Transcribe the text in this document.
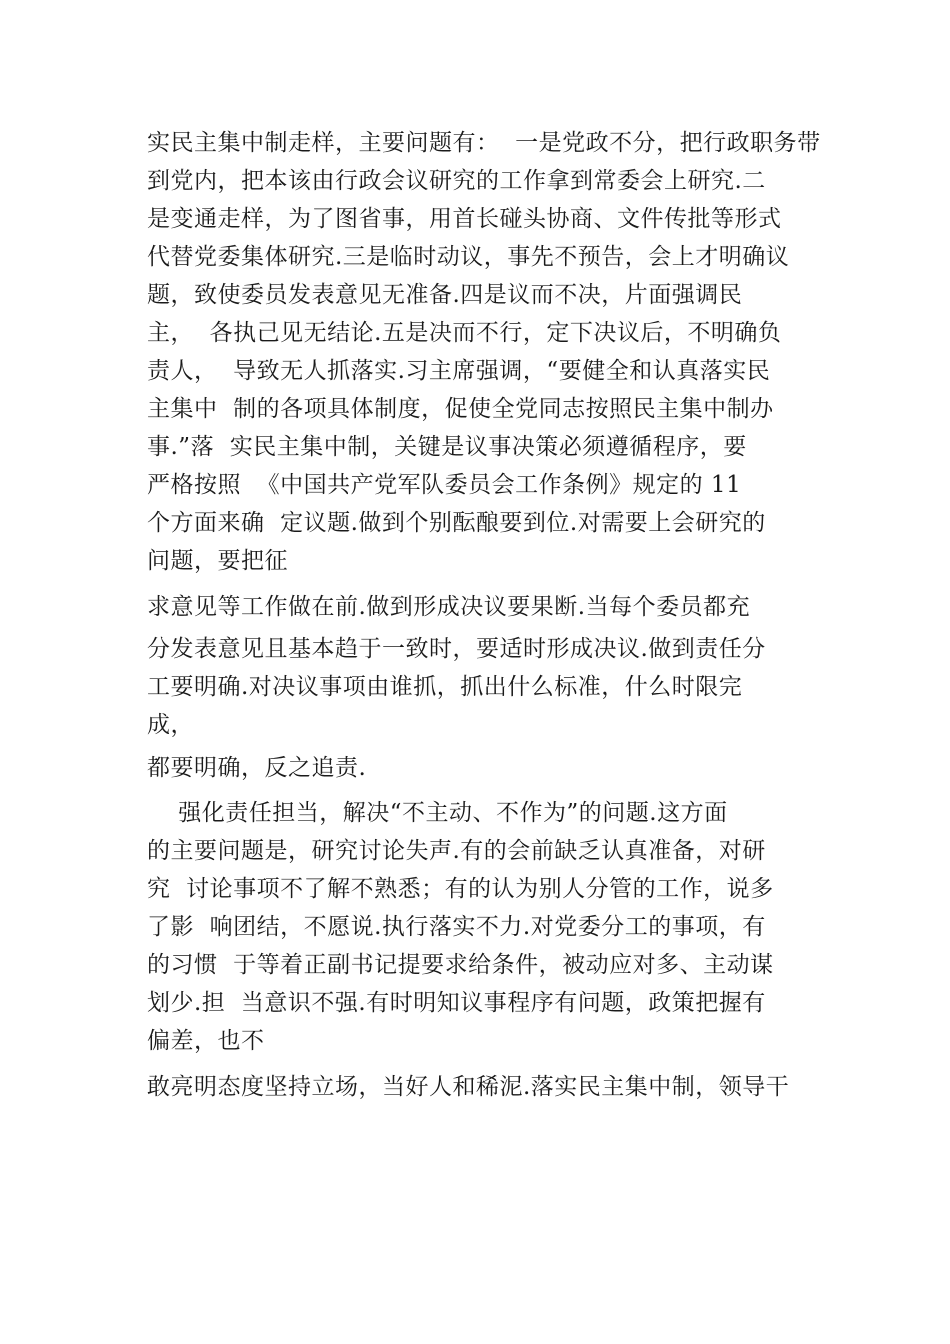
实民主集中制走样，主要问题有：  一是党政不分，把行政职务带
到党内，把本该由行政会议研究的工作拿到常委会上研究.二
是变通走样，为了图省事，用首长碰头协商、文件传批等形式
代替党委集体研究.三是临时动议，事先不预告，会上才明确议
题，致使委员发表意见无准备.四是议而不决，片面强调民
主，  各执己见无结论.五是决而不行，定下决议后，不明确负
责人，  导致无人抓落实.习主席强调，“要健全和认真落实民
主集中  制的各项具体制度，促使全党同志按照民主集中制办
事.”落  实民主集中制，关键是议事决策必须遵循程序，要
严格按照  《中国共产党军队委员会工作条例》规定的 11
个方面来确  定议题.做到个别酝酿要到位.对需要上会研究的
问题，要把征
求意见等工作做在前.做到形成决议要果断.当每个委员都充
分发表意见且基本趋于一致时，要适时形成决议.做到责任分
工要明确.对决议事项由谁抓，抓出什么标准，什么时限完
成，
都要明确，反之追责.
强化责任担当，解决“不主动、不作为”的问题.这方面
的主要问题是，研究讨论失声.有的会前缺乏认真准备，对研
究  讨论事项不了解不熟悉；有的认为别人分管的工作，说多
了影  响团结，不愿说.执行落实不力.对党委分工的事项，有
的习惯  于等着正副书记提要求给条件，被动应对多、主动谋
划少.担  当意识不强.有时明知议事程序有问题，政策把握有
偏差，也不
敢亮明态度坚持立场，当好人和稀泥.落实民主集中制，领导干
